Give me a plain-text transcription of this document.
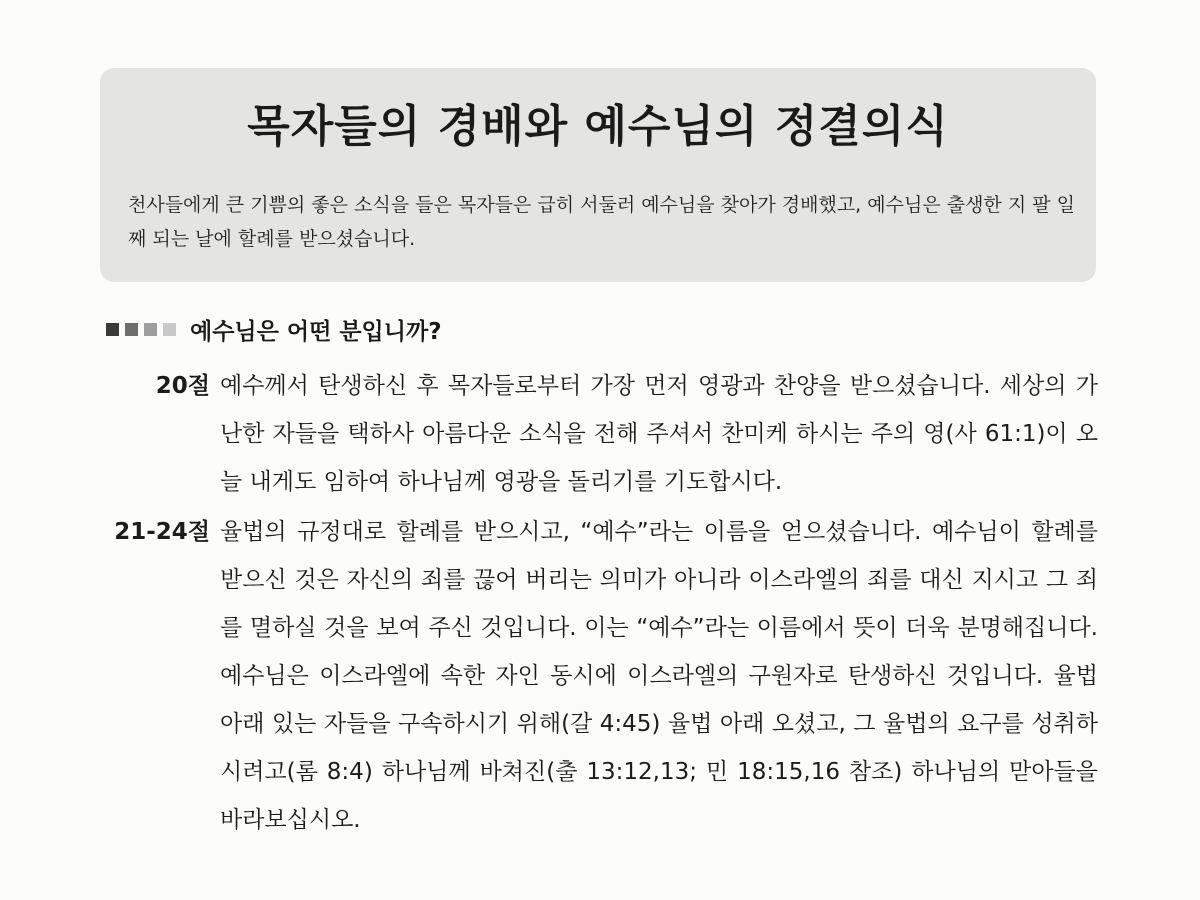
목자들의 경배와 예수님의 정결의식

천사들에게 큰 기쁨의 좋은 소식을 들은 목자들은 급히 서둘러 예수님을 찾아가 경배했고, 예수님은 출생한 지 팔 일째 되는 날에 할례를 받으셨습니다.

예수님은 어떤 분입니까?
20절 예수께서 탄생하신 후 목자들로부터 가장 먼저 영광과 찬양을 받으셨습니다. 세상의 가난한 자들을 택하사 아름다운 소식을 전해 주셔서 찬미케 하시는 주의 영(사 61:1)이 오늘 내게도 임하여 하나님께 영광을 돌리기를 기도합시다.

21-24절 율법의 규정대로 할례를 받으시고, “예수”라는 이름을 얻으셨습니다. 예수님이 할례를 받으신 것은 자신의 죄를 끊어 버리는 의미가 아니라 이스라엘의 죄를 대신 지시고 그 죄를 멸하실 것을 보여 주신 것입니다. 이는 “예수”라는 이름에서 뜻이 더욱 분명해집니다. 예수님은 이스라엘에 속한 자인 동시에 이스라엘의 구원자로 탄생하신 것입니다. 율법 아래 있는 자들을 구속하시기 위해(갈 4:45) 율법 아래 오셨고, 그 율법의 요구를 성취하시려고(롬 8:4) 하나님께 바쳐진(출 13:12,13; 민 18:15,16 참조) 하나님의 맏아들을 바라보십시오.
